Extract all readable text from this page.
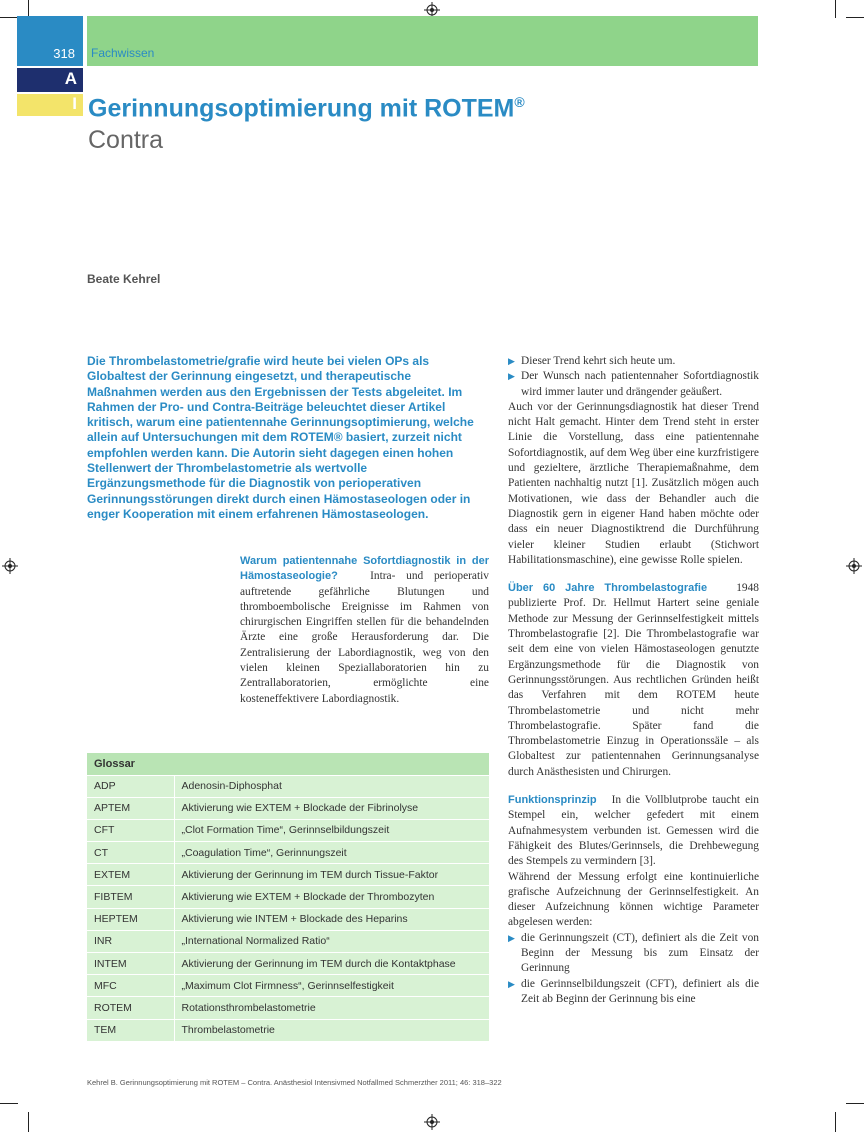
318	Fachwissen
A
I Gerinnungsoptimierung mit ROTEM®
Contra
Beate Kehrel
Die Thrombelastometrie/grafie wird heute bei vielen OPs als Globaltest der Gerinnung eingesetzt, und therapeutische Maßnahmen werden aus den Ergebnissen der Tests abgeleitet. Im Rahmen der Pro- und Contra-Beiträge beleuchtet dieser Artikel kritisch, warum eine patientennahe Gerinnungsoptimierung, welche allein auf Untersuchungen mit dem ROTEM® basiert, zurzeit nicht empfohlen werden kann. Die Autorin sieht dagegen einen hohen Stellenwert der Thrombelastometrie als wertvolle Ergänzungsmethode für die Diagnostik von perioperativen Gerinnungsstörungen direkt durch einen Hämostaseologen oder in enger Kooperation mit einem erfahrenen Hämostaseologen.
Warum patientennahe Sofortdiagnostik in der Hämostaseologie?	Intra- und perioperativ auftretende gefährliche Blutungen und thromboembolische Ereignisse im Rahmen von chirurgischen Eingriffen stellen für die behandelnden Ärzte eine große Herausforderung dar. Die Zentralisierung der Labordiagnostik, weg von den vielen kleinen Speziallaboratorien hin zu Zentrallaboratorien, ermöglichte eine kosteneffektivere Labordiagnostik.
▶ Dieser Trend kehrt sich heute um.
▶ Der Wunsch nach patientennaher Sofortdiagnostik wird immer lauter und drängender geäußert.

Auch vor der Gerinnungsdiagnostik hat dieser Trend nicht Halt gemacht. Hinter dem Trend steht in erster Linie die Vorstellung, dass eine patientennahe Sofortdiagnostik, auf dem Weg über eine kurzfristigere und gezieltere, ärztliche Therapiemaßnahme, dem Patienten nachhaltig nutzt [1]. Zusätzlich mögen auch Motivationen, wie dass der Behandler auch die Diagnostik gern in eigener Hand haben möchte oder dass ein neuer Diagnostiktrend die Durchführung vieler kleiner Studien erlaubt (Stichwort Habilitationsmaschine), eine gewisse Rolle spielen.

Über 60 Jahre Thrombelastografie	1948 publizierte Prof. Dr. Hellmut Hartert seine geniale Methode zur Messung der Gerinnselfestigkeit mittels Thrombelastografie [2]. Die Thrombelastografie war seit dem eine von vielen Hämostaseologen genutzte Ergänzungsmethode für die Diagnostik von Gerinnungsstörungen. Aus rechtlichen Gründen heißt das Verfahren mit dem ROTEM heute Thrombelastometrie und nicht mehr Thrombelastografie. Später fand die Thrombelastometrie Einzug in Operationssäle – als Globaltest zur patientennahen Gerinnungsanalyse durch Anästhesisten und Chirurgen.

Funktionsprinzip In die Vollblutprobe taucht ein Stempel ein, welcher gefedert mit einem Aufnahmesystem verbunden ist. Gemessen wird die Fähigkeit des Blutes/Gerinnsels, die Drehbewegung des Stempels zu vermindern [3].

Während der Messung erfolgt eine kontinuierliche grafische Aufzeichnung der Gerinnselfestigkeit. An dieser Aufzeichnung können wichtige Parameter abgelesen werden:

▶ die Gerinnungszeit (CT), definiert als die Zeit von Beginn der Messung bis zum Einsatz der Gerinnung
▶ die Gerinnselbildungszeit (CFT), definiert als die Zeit ab Beginn der Gerinnung bis eine
Glossar	
ADP	Adenosin-Diphosphat
APTEM	Aktivierung wie EXTEM + Blockade der Fibrinolyse
CFT	„Clot Formation Time“, Gerinnselbildungszeit
CT	„Coagulation Time“, Gerinnungszeit
EXTEM	Aktivierung der Gerinnung im TEM durch Tissue-Faktor
FIBTEM	Aktivierung wie EXTEM + Blockade der Thrombozyten
HEPTEM	Aktivierung wie INTEM + Blockade des Heparins
INR	„International Normalized Ratio“
INTEM	Aktivierung der Gerinnung im TEM durch die Kontaktphase
MFC	„Maximum Clot Firmness“, Gerinnselfestigkeit
ROTEM	Rotationsthrombelastometrie
TEM	Thrombelastometrie
Kehrel B. Gerinnungsoptimierung mit ROTEM – Contra. Anästhesiol Intensivmed Notfallmed Schmerzther 2011; 46: 318–322
